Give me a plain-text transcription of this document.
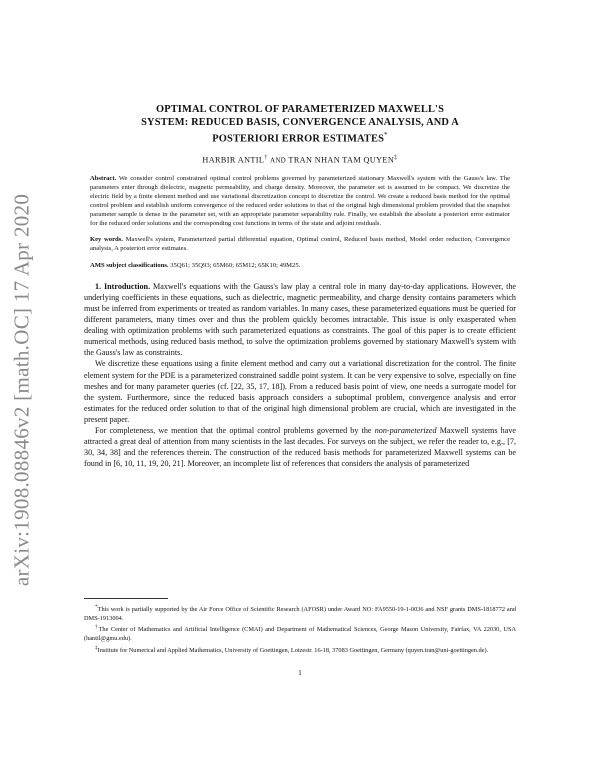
arXiv:1908.08846v2 [math.OC] 17 Apr 2020
OPTIMAL CONTROL OF PARAMETERIZED MAXWELL'S
SYSTEM: REDUCED BASIS, CONVERGENCE ANALYSIS, AND A
POSTERIORI ERROR ESTIMATES*
HARBIR ANTIL† AND TRAN NHAN TAM QUYEN‡
Abstract. We consider control constrained optimal control problems governed by parameterized stationary Maxwell's system with the Gauss's law. The parameters enter through dielectric, magnetic permeability, and charge density. Moreover, the parameter set is assumed to be compact. We discretize the electric field by a finite element method and use variational discretization concept to discretize the control. We create a reduced basis method for the optimal control problem and establish uniform convergence of the reduced order solutions to that of the original high dimensional problem provided that the snapshot parameter sample is dense in the parameter set, with an appropriate parameter separability rule. Finally, we establish the absolute a posteriori error estimator for the reduced order solutions and the corresponding cost functions in terms of the state and adjoint residuals.
Key words. Maxwell's system, Parameterized partial differential equation, Optimal control, Reduced basis method, Model order reduction, Convergence analysis, A posteriori error estimates.
AMS subject classifications. 35Q61; 35Q93; 65M60; 65M12; 65K10; 49M25.

1. Introduction. Maxwell's equations with the Gauss's law play a central role in many day-to-day applications. However, the underlying coefficients in these equations, such as dielectric, magnetic permeability, and charge density contains parameters which must be inferred from experiments or treated as random variables. In many cases, these parameterized equations must be queried for different parameters, many times over and thus the problem quickly becomes intractable. This issue is only exasperated when dealing with optimization problems with such parameterized equations as constraints. The goal of this paper is to create efficient numerical methods, using reduced basis method, to solve the optimization problems governed by stationary Maxwell's system with the Gauss's law as constraints.

We discretize these equations using a finite element method and carry out a variational discretization for the control. The finite element system for the PDE is a parameterized constrained saddle point system. It can be very expensive to solve, especially on fine meshes and for many parameter queries (cf. [22, 35, 17, 18]). From a reduced basis point of view, one needs a surrogate model for the system. Furthermore, since the reduced basis approach considers a suboptimal problem, convergence analysis and error estimates for the reduced order solution to that of the original high dimensional problem are crucial, which are investigated in the present paper.

For completeness, we mention that the optimal control problems governed by the non-parameterized Maxwell systems have attracted a great deal of attention from many scientists in the last decades. For surveys on the subject, we refer the reader to, e.g., [7, 30, 34, 38] and the references therein. The construction of the reduced basis methods for parameterized Maxwell systems can be found in [6, 10, 11, 19, 20, 21]. Moreover, an incomplete list of references that considers the analysis of parameterized

*This work is partially supported by the Air Force Office of Scientific Research (AFOSR) under Award NO: FA9550-19-1-0036 and NSF grants DMS-1818772 and DMS-1913004.

†The Center of Mathematics and Artificial Intelligence (CMAI) and Department of Mathematical Sciences, George Mason University, Fairfax, VA 22030, USA (hantil@gmu.edu).

‡Institute for Numerical and Applied Mathematics, University of Goettingen, Lotzestr. 16-18, 37083 Goettingen, Germany (quyen.tran@uni-goettingen.de).

1
